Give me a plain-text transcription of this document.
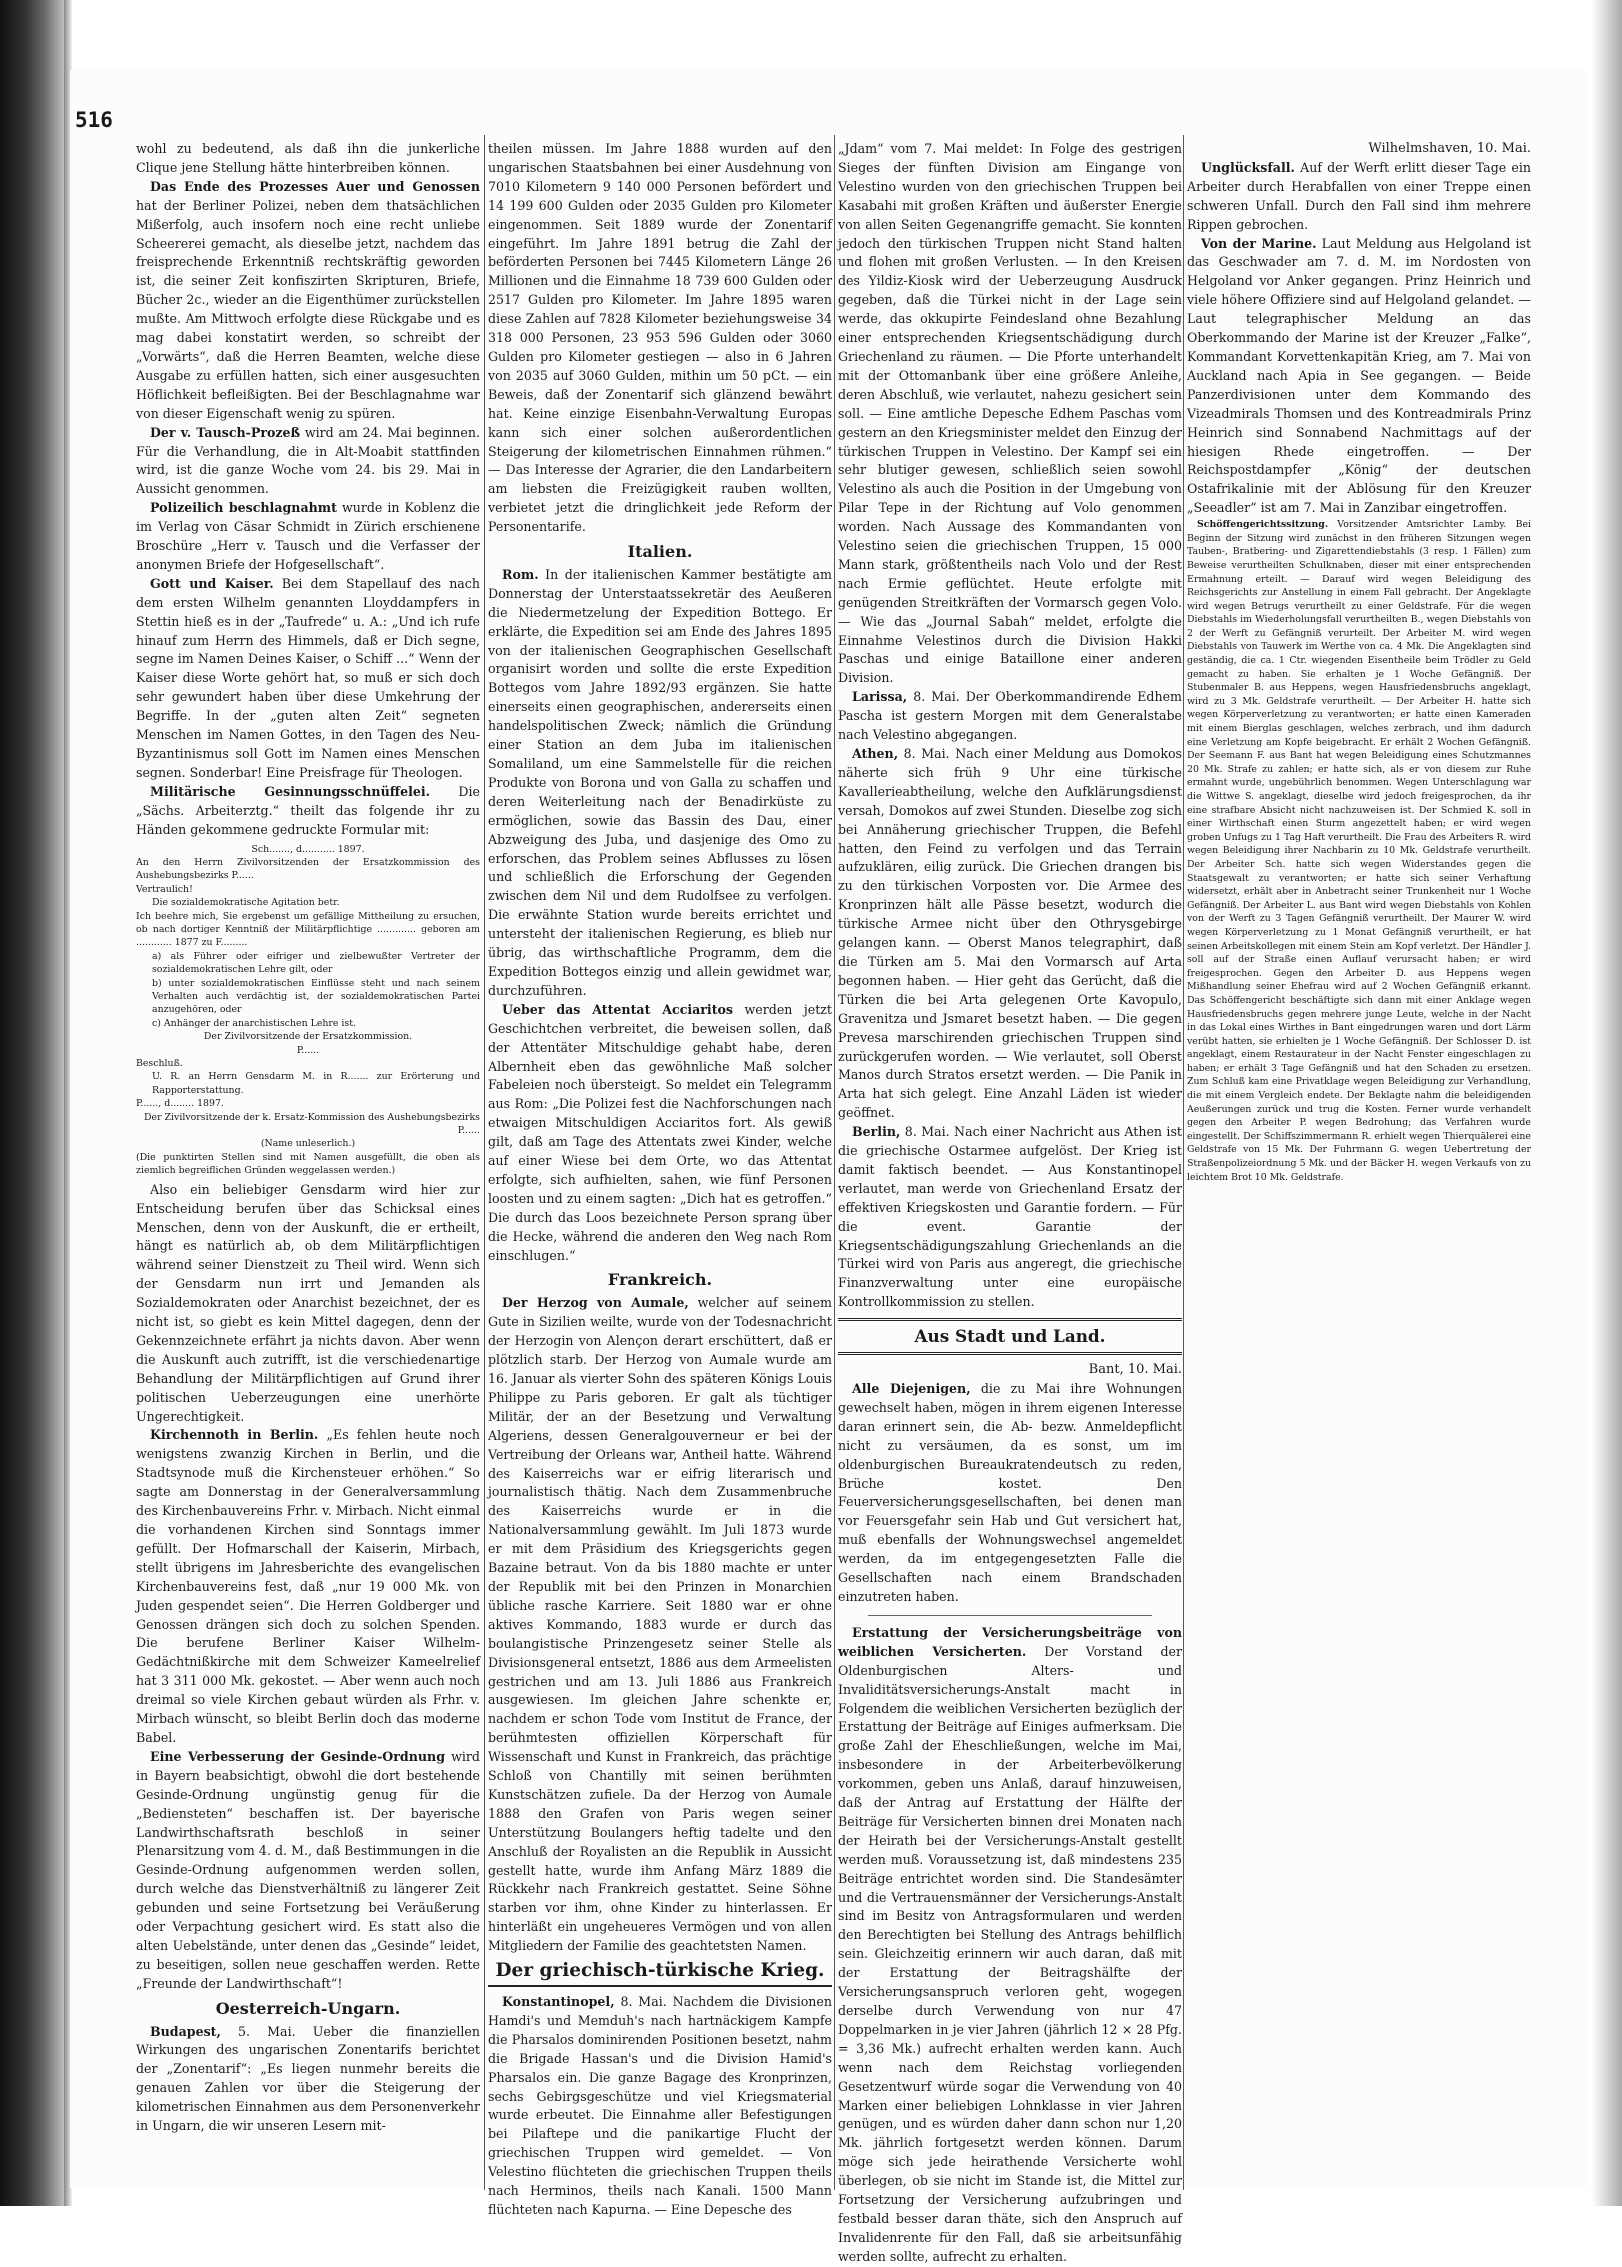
516

wohl zu bedeutend, als daß ihn die junkerliche Clique jene Stellung hätte hinterbreiben können.

Das Ende des Prozesses Auer und Genossen hat der Berliner Polizei, neben dem thatsächlichen Mißerfolg, auch insofern noch eine recht unliebe Scheererei gemacht, als dieselbe jetzt, nachdem das freisprechende Erkenntniß rechtskräftig geworden ist, die seiner Zeit konfiszirten Skripturen, Briefe, Bücher 2c., wieder an die Eigenthümer zurückstellen mußte. Am Mittwoch erfolgte diese Rückgabe und es mag dabei konstatirt werden, so schreibt der „Vorwärts“, daß die Herren Beamten, welche diese Ausgabe zu erfüllen hatten, sich einer ausgesuchten Höflichkeit befleißigten. Bei der Beschlagnahme war von dieser Eigenschaft wenig zu spüren.

Der v. Tausch-Prozeß wird am 24. Mai beginnen. Für die Verhandlung, die in Alt-Moabit stattfinden wird, ist die ganze Woche vom 24. bis 29. Mai in Aussicht genommen.

Polizeilich beschlagnahmt wurde in Koblenz die im Verlag von Cäsar Schmidt in Zürich erschienene Broschüre „Herr v. Tausch und die Verfasser der anonymen Briefe der Hofgesellschaft“.

Gott und Kaiser. Bei dem Stapellauf des nach dem ersten Wilhelm genannten Lloyddampfers in Stettin hieß es in der „Taufrede“ u. A.: „Und ich rufe hinauf zum Herrn des Himmels, daß er Dich segne, segne im Namen Deines Kaiser, o Schiff ...“ Wenn der Kaiser diese Worte gehört hat, so muß er sich doch sehr gewundert haben über diese Umkehrung der Begriffe. In der „guten alten Zeit“ segneten Menschen im Namen Gottes, in den Tagen des Neu-Byzantinismus soll Gott im Namen eines Menschen segnen. Sonderbar! Eine Preisfrage für Theologen.

Militärische Gesinnungsschnüffelei. Die „Sächs. Arbeiterztg.“ theilt das folgende ihr zu Händen gekommene gedruckte Formular mit:

Sch......., d........... 1897.

An den Herrn Zivilvorsitzenden der Ersatzkommission des Aushebungsbezirks P......

Vertraulich!

Die sozialdemokratische Agitation betr.

Ich beehre mich, Sie ergebenst um gefällige Mittheilung zu ersuchen, ob nach dortiger Kenntniß der Militärpflichtige ............. geboren am ............ 1877 zu F.........

a) als Führer oder eifriger und zielbewußter Vertreter der sozialdemokratischen Lehre gilt, oder

b) unter sozialdemokratischen Einflüsse steht und nach seinem Verhalten auch verdächtig ist, der sozialdemokratischen Partei anzugehören, oder

c) Anhänger der anarchistischen Lehre ist.

Der Zivilvorsitzende der Ersatzkommission.

P......

Beschluß.

U. R. an Herrn Gensdarm M. in R....... zur Erörterung und Rapporterstattung.

P......, d........ 1897.

Der Zivilvorsitzende der k. Ersatz-Kommission des Aushebungsbezirks P......

(Name unleserlich.)

(Die punktirten Stellen sind mit Namen ausgefüllt, die oben als ziemlich begreiflichen Gründen weggelassen werden.)

Also ein beliebiger Gensdarm wird hier zur Entscheidung berufen über das Schicksal eines Menschen, denn von der Auskunft, die er ertheilt, hängt es natürlich ab, ob dem Militärpflichtigen während seiner Dienstzeit zu Theil wird. Wenn sich der Gensdarm nun irrt und Jemanden als Sozialdemokraten oder Anarchist bezeichnet, der es nicht ist, so giebt es kein Mittel dagegen, denn der Gekennzeichnete erfährt ja nichts davon. Aber wenn die Auskunft auch zutrifft, ist die verschiedenartige Behandlung der Militärpflichtigen auf Grund ihrer politischen Ueberzeugungen eine unerhörte Ungerechtigkeit.

Kirchennoth in Berlin. „Es fehlen heute noch wenigstens zwanzig Kirchen in Berlin, und die Stadtsynode muß die Kirchensteuer erhöhen.“ So sagte am Donnerstag in der Generalversammlung des Kirchenbauvereins Frhr. v. Mirbach. Nicht einmal die vorhandenen Kirchen sind Sonntags immer gefüllt. Der Hofmarschall der Kaiserin, Mirbach, stellt übrigens im Jahresberichte des evangelischen Kirchenbauvereins fest, daß „nur 19 000 Mk. von Juden gespendet seien“. Die Herren Goldberger und Genossen drängen sich doch zu solchen Spenden. Die berufene Berliner Kaiser Wilhelm-Gedächtnißkirche mit dem Schweizer Kameelrelief hat 3 311 000 Mk. gekostet. — Aber wenn auch noch dreimal so viele Kirchen gebaut würden als Frhr. v. Mirbach wünscht, so bleibt Berlin doch das moderne Babel.

Eine Verbesserung der Gesinde-Ordnung wird in Bayern beabsichtigt, obwohl die dort bestehende Gesinde-Ordnung ungünstig genug für die „Bediensteten“ beschaffen ist. Der bayerische Landwirthschaftsrath beschloß in seiner Plenarsitzung vom 4. d. M., daß Bestimmungen in die Gesinde-Ordnung aufgenommen werden sollen, durch welche das Dienstverhältniß zu längerer Zeit gebunden und seine Fortsetzung bei Veräußerung oder Verpachtung gesichert wird. Es statt also die alten Uebelstände, unter denen das „Gesinde“ leidet, zu beseitigen, sollen neue geschaffen werden. Rette „Freunde der Landwirthschaft“!

Oesterreich-Ungarn.

Budapest, 5. Mai. Ueber die finanziellen Wirkungen des ungarischen Zonentarifs berichtet der „Zonentarif“: „Es liegen nunmehr bereits die genauen Zahlen vor über die Steigerung der kilometrischen Einnahmen aus dem Personenverkehr in Ungarn, die wir unseren Lesern mit-

theilen müssen. Im Jahre 1888 wurden auf den ungarischen Staatsbahnen bei einer Ausdehnung von 7010 Kilometern 9 140 000 Personen befördert und 14 199 600 Gulden oder 2035 Gulden pro Kilometer eingenommen. Seit 1889 wurde der Zonentarif eingeführt. Im Jahre 1891 betrug die Zahl der beförderten Personen bei 7445 Kilometern Länge 26 Millionen und die Einnahme 18 739 600 Gulden oder 2517 Gulden pro Kilometer. Im Jahre 1895 waren diese Zahlen auf 7828 Kilometer beziehungsweise 34 318 000 Personen, 23 953 596 Gulden oder 3060 Gulden pro Kilometer gestiegen — also in 6 Jahren von 2035 auf 3060 Gulden, mithin um 50 pCt. — ein Beweis, daß der Zonentarif sich glänzend bewährt hat. Keine einzige Eisenbahn-Verwaltung Europas kann sich einer solchen außerordentlichen Steigerung der kilometrischen Einnahmen rühmen.“ — Das Interesse der Agrarier, die den Landarbeitern am liebsten die Freizügigkeit rauben wollten, verbietet jetzt die dringlichkeit jede Reform der Personentarife.

Italien.

Rom. In der italienischen Kammer bestätigte am Donnerstag der Unterstaatssekretär des Aeußeren die Niedermetzelung der Expedition Bottego. Er erklärte, die Expedition sei am Ende des Jahres 1895 von der italienischen Geographischen Gesellschaft organisirt worden und sollte die erste Expedition Bottegos vom Jahre 1892/93 ergänzen. Sie hatte einerseits einen geographischen, andererseits einen handelspolitischen Zweck; nämlich die Gründung einer Station an dem Juba im italienischen Somaliland, um eine Sammelstelle für die reichen Produkte von Borona und von Galla zu schaffen und deren Weiterleitung nach der Benadirküste zu ermöglichen, sowie das Bassin des Dau, einer Abzweigung des Juba, und dasjenige des Omo zu erforschen, das Problem seines Abflusses zu lösen und schließlich die Erforschung der Gegenden zwischen dem Nil und dem Rudolfsee zu verfolgen. Die erwähnte Station wurde bereits errichtet und untersteht der italienischen Regierung, es blieb nur übrig, das wirthschaftliche Programm, dem die Expedition Bottegos einzig und allein gewidmet war, durchzuführen.

Ueber das Attentat Acciaritos werden jetzt Geschichtchen verbreitet, die beweisen sollen, daß der Attentäter Mitschuldige gehabt habe, deren Albernheit eben das gewöhnliche Maß solcher Fabeleien noch übersteigt. So meldet ein Telegramm aus Rom: „Die Polizei fest die Nachforschungen nach etwaigen Mitschuldigen Acciaritos fort. Als gewiß gilt, daß am Tage des Attentats zwei Kinder, welche auf einer Wiese bei dem Orte, wo das Attentat erfolgte, sich aufhielten, sahen, wie fünf Personen loosten und zu einem sagten: „Dich hat es getroffen.“ Die durch das Loos bezeichnete Person sprang über die Hecke, während die anderen den Weg nach Rom einschlugen.“

Frankreich.

Der Herzog von Aumale, welcher auf seinem Gute in Sizilien weilte, wurde von der Todesnachricht der Herzogin von Alençon derart erschüttert, daß er plötzlich starb. Der Herzog von Aumale wurde am 16. Januar als vierter Sohn des späteren Königs Louis Philippe zu Paris geboren. Er galt als tüchtiger Militär, der an der Besetzung und Verwaltung Algeriens, dessen Generalgouverneur er bei der Vertreibung der Orleans war, Antheil hatte. Während des Kaiserreichs war er eifrig literarisch und journalistisch thätig. Nach dem Zusammenbruche des Kaiserreichs wurde er in die Nationalversammlung gewählt. Im Juli 1873 wurde er mit dem Präsidium des Kriegsgerichts gegen Bazaine betraut. Von da bis 1880 machte er unter der Republik mit bei den Prinzen in Monarchien übliche rasche Karriere. Seit 1880 war er ohne aktives Kommando, 1883 wurde er durch das boulangistische Prinzengesetz seiner Stelle als Divisionsgeneral entsetzt, 1886 aus dem Armeelisten gestrichen und am 13. Juli 1886 aus Frankreich ausgewiesen. Im gleichen Jahre schenkte er, nachdem er schon Tode vom Institut de France, der berühmtesten offiziellen Körperschaft für Wissenschaft und Kunst in Frankreich, das prächtige Schloß von Chantilly mit seinen berühmten Kunstschätzen zufiele. Da der Herzog von Aumale 1888 den Grafen von Paris wegen seiner Unterstützung Boulangers heftig tadelte und den Anschluß der Royalisten an die Republik in Aussicht gestellt hatte, wurde ihm Anfang März 1889 die Rückkehr nach Frankreich gestattet. Seine Söhne starben vor ihm, ohne Kinder zu hinterlassen. Er hinterläßt ein ungeheueres Vermögen und von allen Mitgliedern der Familie des geachtetsten Namen.

Der griechisch-türkische Krieg.

Konstantinopel, 8. Mai. Nachdem die Divisionen Hamdi's und Memduh's nach hartnäckigem Kampfe die Pharsalos dominirenden Positionen besetzt, nahm die Brigade Hassan's und die Division Hamid's Pharsalos ein. Die ganze Bagage des Kronprinzen, sechs Gebirgsgeschütze und viel Kriegsmaterial wurde erbeutet. Die Einnahme aller Befestigungen bei Pilaftepe und die panikartige Flucht der griechischen Truppen wird gemeldet. — Von Velestino flüchteten die griechischen Truppen theils nach Herminos, theils nach Kanali. 1500 Mann flüchteten nach Kapurna. — Eine Depesche des

„Jdam“ vom 7. Mai meldet: In Folge des gestrigen Sieges der fünften Division am Eingange von Velestino wurden von den griechischen Truppen bei Kasabahi mit großen Kräften und äußerster Energie von allen Seiten Gegenangriffe gemacht. Sie konnten jedoch den türkischen Truppen nicht Stand halten und flohen mit großen Verlusten. — In den Kreisen des Yildiz-Kiosk wird der Ueberzeugung Ausdruck gegeben, daß die Türkei nicht in der Lage sein werde, das okkupirte Feindesland ohne Bezahlung einer entsprechenden Kriegsentschädigung durch Griechenland zu räumen. — Die Pforte unterhandelt mit der Ottomanbank über eine größere Anleihe, deren Abschluß, wie verlautet, nahezu gesichert sein soll. — Eine amtliche Depesche Edhem Paschas vom gestern an den Kriegsminister meldet den Einzug der türkischen Truppen in Velestino. Der Kampf sei ein sehr blutiger gewesen, schließlich seien sowohl Velestino als auch die Position in der Umgebung von Pilar Tepe in der Richtung auf Volo genommen worden. Nach Aussage des Kommandanten von Velestino seien die griechischen Truppen, 15 000 Mann stark, größtentheils nach Volo und der Rest nach Ermie geflüchtet. Heute erfolgte mit genügenden Streitkräften der Vormarsch gegen Volo. — Wie das „Journal Sabah“ meldet, erfolgte die Einnahme Velestinos durch die Division Hakki Paschas und einige Bataillone einer anderen Division.

Larissa, 8. Mai. Der Oberkommandirende Edhem Pascha ist gestern Morgen mit dem Generalstabe nach Velestino abgegangen.

Athen, 8. Mai. Nach einer Meldung aus Domokos näherte sich früh 9 Uhr eine türkische Kavallerieabtheilung, welche den Aufklärungsdienst versah, Domokos auf zwei Stunden. Dieselbe zog sich bei Annäherung griechischer Truppen, die Befehl hatten, den Feind zu verfolgen und das Terrain aufzuklären, eilig zurück. Die Griechen drangen bis zu den türkischen Vorposten vor. Die Armee des Kronprinzen hält alle Pässe besetzt, wodurch die türkische Armee nicht über den Othrysgebirge gelangen kann. — Oberst Manos telegraphirt, daß die Türken am 5. Mai den Vormarsch auf Arta begonnen haben. — Hier geht das Gerücht, daß die Türken die bei Arta gelegenen Orte Kavopulo, Gravenitza und Jsmaret besetzt haben. — Die gegen Prevesa marschirenden griechischen Truppen sind zurückgerufen worden. — Wie verlautet, soll Oberst Manos durch Stratos ersetzt werden. — Die Panik in Arta hat sich gelegt. Eine Anzahl Läden ist wieder geöffnet.

Berlin, 8. Mai. Nach einer Nachricht aus Athen ist die griechische Ostarmee aufgelöst. Der Krieg ist damit faktisch beendet. — Aus Konstantinopel verlautet, man werde von Griechenland Ersatz der effektiven Kriegskosten und Garantie fordern. — Für die event. Garantie der Kriegsentschädigungszahlung Griechenlands an die Türkei wird von Paris aus angeregt, die griechische Finanzverwaltung unter eine europäische Kontrollkommission zu stellen.

Aus Stadt und Land.

Bant, 10. Mai.

Alle Diejenigen, die zu Mai ihre Wohnungen gewechselt haben, mögen in ihrem eigenen Interesse daran erinnert sein, die Ab- bezw. Anmeldepflicht nicht zu versäumen, da es sonst, um im oldenburgischen Bureaukratendeutsch zu reden, Brüche kostet. Den Feuerversicherungsgesellschaften, bei denen man vor Feuersgefahr sein Hab und Gut versichert hat, muß ebenfalls der Wohnungswechsel angemeldet werden, da im entgegengesetzten Falle die Gesellschaften nach einem Brandschaden einzutreten haben.

Erstattung der Versicherungsbeiträge von weiblichen Versicherten. Der Vorstand der Oldenburgischen Alters- und Invaliditätsversicherungs-Anstalt macht in Folgendem die weiblichen Versicherten bezüglich der Erstattung der Beiträge auf Einiges aufmerksam. Die große Zahl der Eheschließungen, welche im Mai, insbesondere in der Arbeiterbevölkerung vorkommen, geben uns Anlaß, darauf hinzuweisen, daß der Antrag auf Erstattung der Hälfte der Beiträge für Versicherten binnen drei Monaten nach der Heirath bei der Versicherungs-Anstalt gestellt werden muß. Voraussetzung ist, daß mindestens 235 Beiträge entrichtet worden sind. Die Standesämter und die Vertrauensmänner der Versicherungs-Anstalt sind im Besitz von Antragsformularen und werden den Berechtigten bei Stellung des Antrags behilflich sein. Gleichzeitig erinnern wir auch daran, daß mit der Erstattung der Beitragshälfte der Versicherungsanspruch verloren geht, wogegen derselbe durch Verwendung von nur 47 Doppelmarken in je vier Jahren (jährlich 12 × 28 Pfg. = 3,36 Mk.) aufrecht erhalten werden kann. Auch wenn nach dem Reichstag vorliegenden Gesetzentwurf würde sogar die Verwendung von 40 Marken einer beliebigen Lohnklasse in vier Jahren genügen, und es würden daher dann schon nur 1,20 Mk. jährlich fortgesetzt werden können. Darum möge sich jede heirathende Versicherte wohl überlegen, ob sie nicht im Stande ist, die Mittel zur Fortsetzung der Versicherung aufzubringen und festbald besser daran thäte, sich den Anspruch auf Invalidenrente für den Fall, daß sie arbeitsunfähig werden sollte, aufrecht zu erhalten.

Wilhelmshaven, 10. Mai.

Unglücksfall. Auf der Werft erlitt dieser Tage ein Arbeiter durch Herabfallen von einer Treppe einen schweren Unfall. Durch den Fall sind ihm mehrere Rippen gebrochen.

Von der Marine. Laut Meldung aus Helgoland ist das Geschwader am 7. d. M. im Nordosten von Helgoland vor Anker gegangen. Prinz Heinrich und viele höhere Offiziere sind auf Helgoland gelandet. — Laut telegraphischer Meldung an das Oberkommando der Marine ist der Kreuzer „Falke“, Kommandant Korvettenkapitän Krieg, am 7. Mai von Auckland nach Apia in See gegangen. — Beide Panzerdivisionen unter dem Kommando des Vizeadmirals Thomsen und des Kontreadmirals Prinz Heinrich sind Sonnabend Nachmittags auf der hiesigen Rhede eingetroffen. — Der Reichspostdampfer „König“ der deutschen Ostafrikalinie mit der Ablösung für den Kreuzer „Seeadler“ ist am 7. Mai in Zanzibar eingetroffen.

Schöffengerichtssitzung. Vorsitzender Amtsrichter Lamby. Bei Beginn der Sitzung wird zunächst in den früheren Sitzungen wegen Tauben-, Bratbering- und Zigarettendiebstahls (3 resp. 1 Fällen) zum Beweise verurtheilten Schulknaben, dieser mit einer entsprechenden Ermahnung erteilt. — Darauf wird wegen Beleidigung des Reichsgerichts zur Anstellung in einem Fall gebracht. Der Angeklagte wird wegen Betrugs verurtheilt zu einer Geldstrafe. Für die wegen Diebstahls im Wiederholungsfall verurtheilten B., wegen Diebstahls von 2 der Werft zu Gefängniß verurteilt. Der Arbeiter M. wird wegen Diebstahls von Tauwerk im Werthe von ca. 4 Mk. Die Angeklagten sind geständig, die ca. 1 Ctr. wiegenden Eisentheile beim Trödler zu Geld gemacht zu haben. Sie erhalten je 1 Woche Gefängniß. Der Stubenmaler B. aus Heppens, wegen Hausfriedensbruchs angeklagt, wird zu 3 Mk. Geldstrafe verurtheilt. — Der Arbeiter H. hatte sich wegen Körperverletzung zu verantworten; er hatte einen Kameraden mit einem Bierglas geschlagen, welches zerbrach, und ihm dadurch eine Verletzung am Kopfe beigebracht. Er erhält 2 Wochen Gefängniß. Der Seemann F. aus Bant hat wegen Beleidigung eines Schutzmannes 20 Mk. Strafe zu zahlen; er hatte sich, als er von diesem zur Ruhe ermahnt wurde, ungebührlich benommen. Wegen Unterschlagung war die Wittwe S. angeklagt, dieselbe wird jedoch freigesprochen, da ihr eine strafbare Absicht nicht nachzuweisen ist. Der Schmied K. soll in einer Wirthschaft einen Sturm angezettelt haben; er wird wegen groben Unfugs zu 1 Tag Haft verurtheilt. Die Frau des Arbeiters R. wird wegen Beleidigung ihrer Nachbarin zu 10 Mk. Geldstrafe verurtheilt. Der Arbeiter Sch. hatte sich wegen Widerstandes gegen die Staatsgewalt zu verantworten; er hatte sich seiner Verhaftung widersetzt, erhält aber in Anbetracht seiner Trunkenheit nur 1 Woche Gefängniß. Der Arbeiter L. aus Bant wird wegen Diebstahls von Kohlen von der Werft zu 3 Tagen Gefängniß verurtheilt. Der Maurer W. wird wegen Körperverletzung zu 1 Monat Gefängniß verurtheilt, er hat seinen Arbeitskollegen mit einem Stein am Kopf verletzt. Der Händler J. soll auf der Straße einen Auflauf verursacht haben; er wird freigesprochen. Gegen den Arbeiter D. aus Heppens wegen Mißhandlung seiner Ehefrau wird auf 2 Wochen Gefängniß erkannt. Das Schöffengericht beschäftigte sich dann mit einer Anklage wegen Hausfriedensbruchs gegen mehrere junge Leute, welche in der Nacht in das Lokal eines Wirthes in Bant eingedrungen waren und dort Lärm verübt hatten, sie erhielten je 1 Woche Gefängniß. Der Schlosser D. ist angeklagt, einem Restaurateur in der Nacht Fenster eingeschlagen zu haben; er erhält 3 Tage Gefängniß und hat den Schaden zu ersetzen. Zum Schluß kam eine Privatklage wegen Beleidigung zur Verhandlung, die mit einem Vergleich endete. Der Beklagte nahm die beleidigenden Aeußerungen zurück und trug die Kosten. Ferner wurde verhandelt gegen den Arbeiter P. wegen Bedrohung; das Verfahren wurde eingestellt. Der Schiffszimmermann R. erhielt wegen Thierquälerei eine Geldstrafe von 15 Mk. Der Fuhrmann G. wegen Uebertretung der Straßenpolizeiordnung 5 Mk. und der Bäcker H. wegen Verkaufs von zu leichtem Brot 10 Mk. Geldstrafe.
